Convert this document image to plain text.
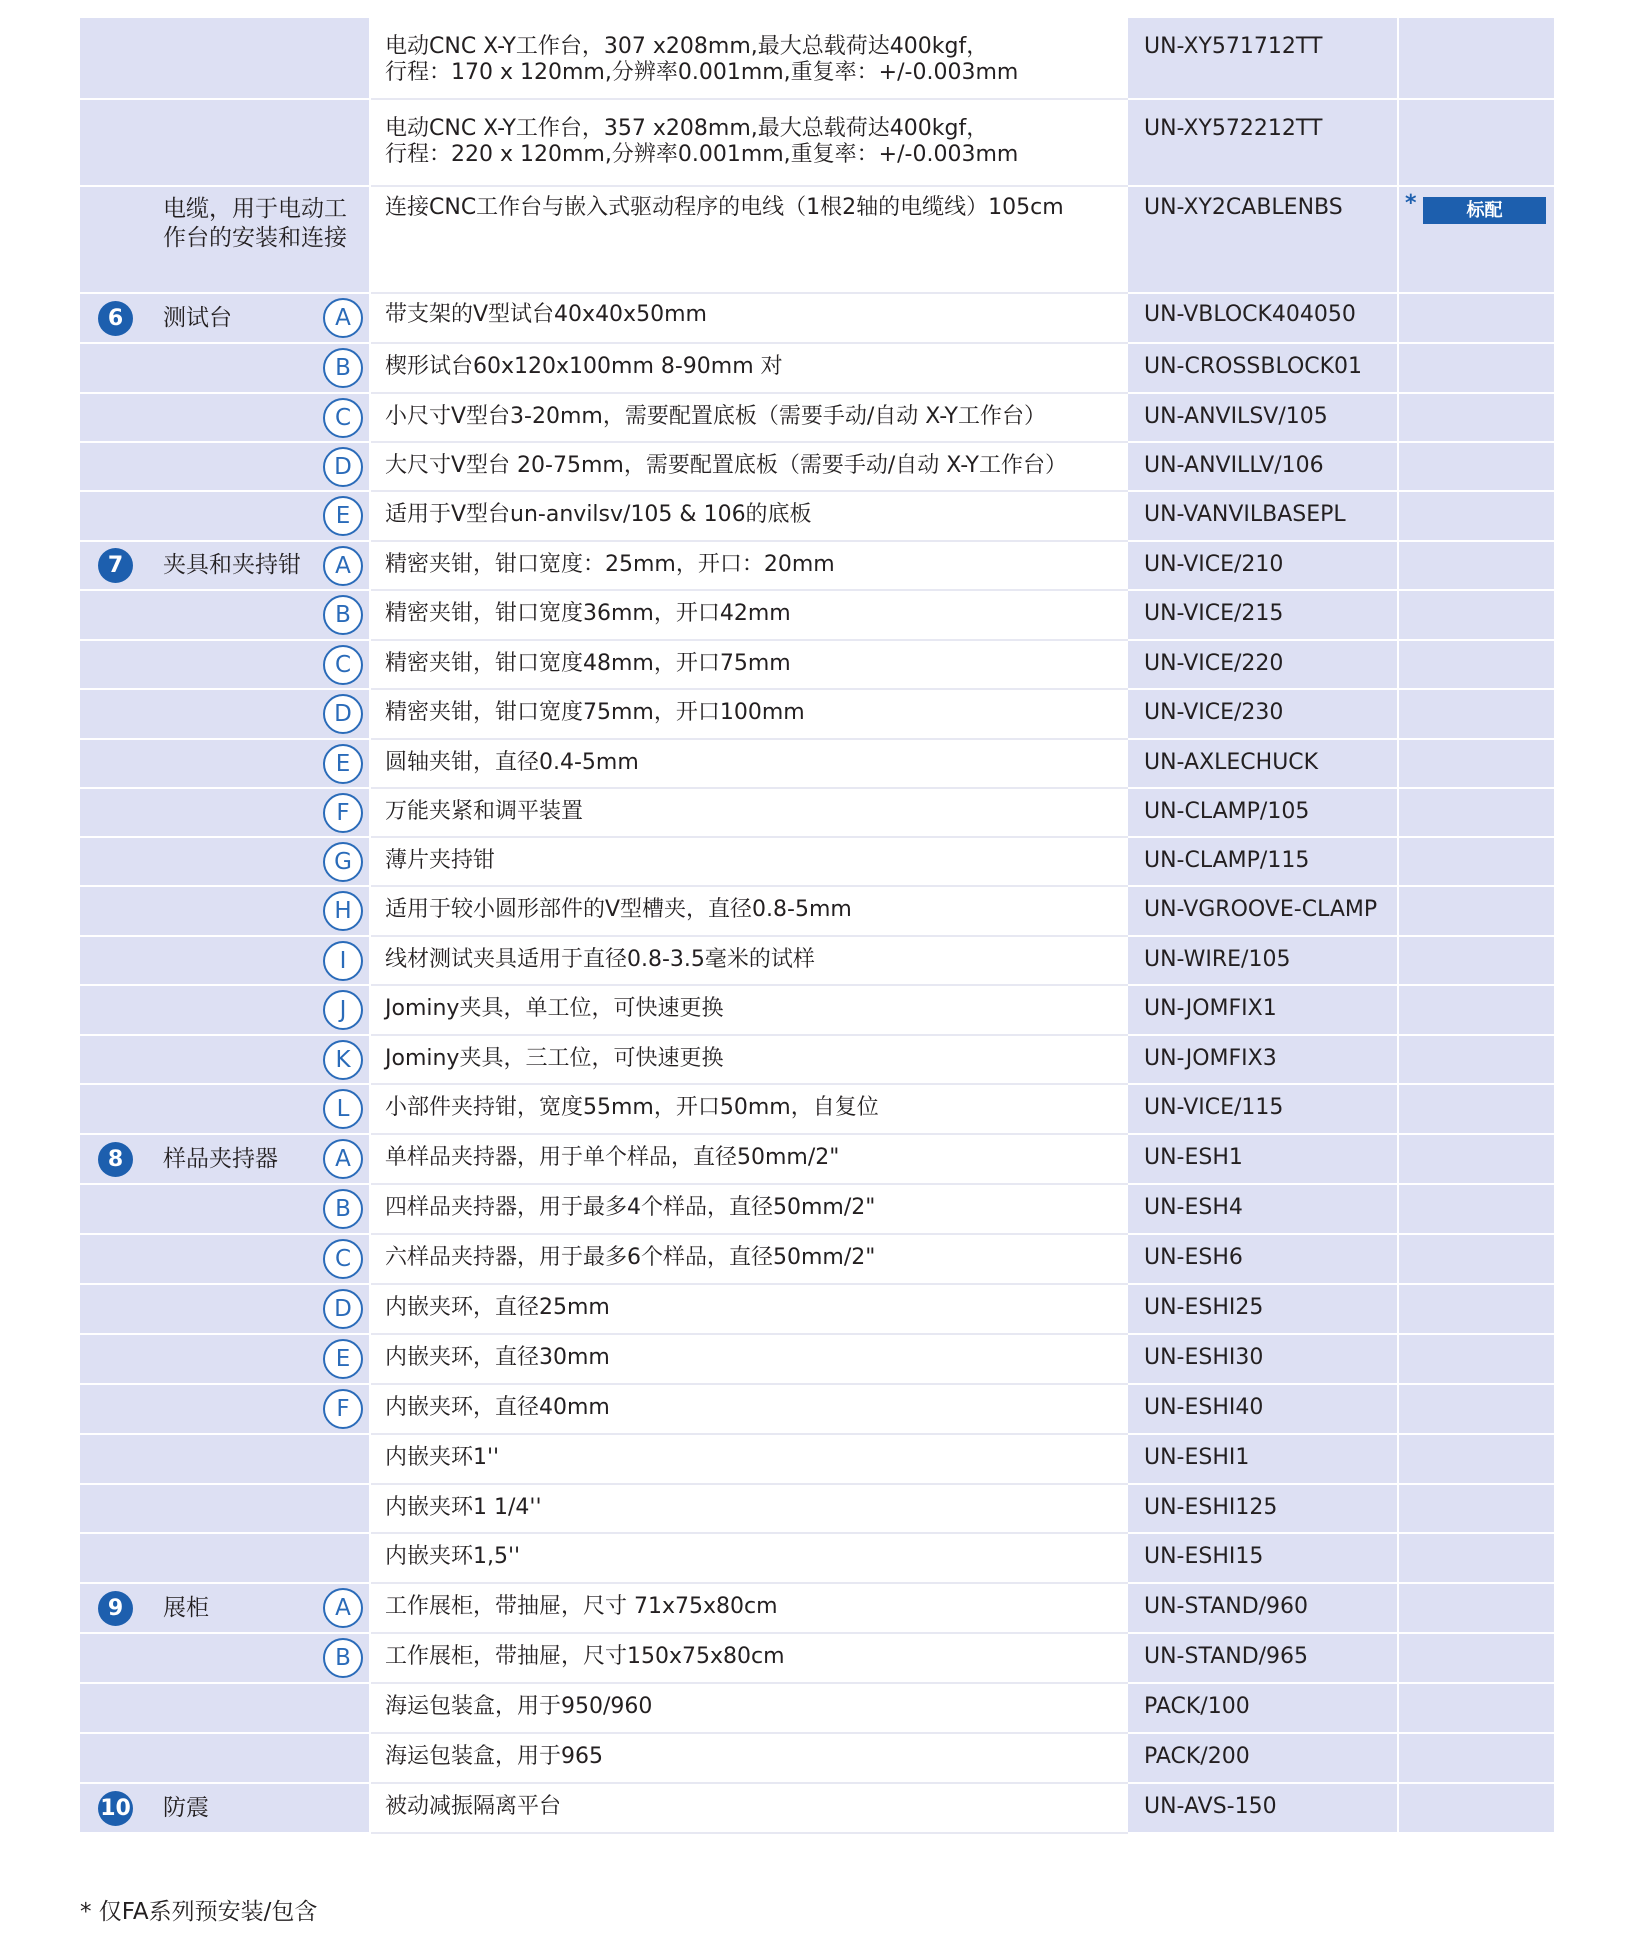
		电动CNC X-Y工作台，307 x208mm,最大总载荷达400kgf，
行程：170 x 120mm,分辨率0.001mm,重复率：+/-0.003mm	UN-XY571712TT	

		电动CNC X-Y工作台，357 x208mm,最大总载荷达400kgf，
行程：220 x 120mm,分辨率0.001mm,重复率：+/-0.003mm	UN-XY572212TT	

	电缆，用于电动工作台的安装和连接	连接CNC工作台与嵌入式驱动程序的电线（1根2轴的电缆线）105cm	UN-XY2CABLENBS	* 标配

6	测试台 A	带支架的V型试台40x40x50mm	UN-VBLOCK404050	

	B	楔形试台60x120x100mm 8-90mm 对	UN-CROSSBLOCK01	

	C	小尺寸V型台3-20mm，需要配置底板（需要手动/自动 X-Y工作台）	UN-ANVILSV/105	

	D	大尺寸V型台 20-75mm，需要配置底板（需要手动/自动 X-Y工作台）	UN-ANVILLV/106	

	E	适用于V型台un-anvilsv/105 & 106的底板	UN-VANVILBASEPL	

7	夹具和夹持钳 A	精密夹钳，钳口宽度：25mm，开口：20mm	UN-VICE/210	

	B	精密夹钳，钳口宽度36mm，开口42mm	UN-VICE/215	

	C	精密夹钳，钳口宽度48mm，开口75mm	UN-VICE/220	

	D	精密夹钳，钳口宽度75mm，开口100mm	UN-VICE/230	

	E	圆轴夹钳，直径0.4-5mm	UN-AXLECHUCK	

	F	万能夹紧和调平装置	UN-CLAMP/105	

	G	薄片夹持钳	UN-CLAMP/115	

	H	适用于较小圆形部件的V型槽夹，直径0.8-5mm	UN-VGROOVE-CLAMP	

	I	线材测试夹具适用于直径0.8-3.5毫米的试样	UN-WIRE/105	

	J	Jominy夹具，单工位，可快速更换	UN-JOMFIX1	

	K	Jominy夹具，三工位，可快速更换	UN-JOMFIX3	

	L	小部件夹持钳，宽度55mm，开口50mm，自复位	UN-VICE/115	

8	样品夹持器 A	单样品夹持器，用于单个样品，直径50mm/2"	UN-ESH1	

	B	四样品夹持器，用于最多4个样品，直径50mm/2"	UN-ESH4	

	C	六样品夹持器，用于最多6个样品，直径50mm/2"	UN-ESH6	

	D	内嵌夹环，直径25mm	UN-ESHI25	

	E	内嵌夹环，直径30mm	UN-ESHI30	

	F	内嵌夹环，直径40mm	UN-ESHI40	

		内嵌夹环1''	UN-ESHI1	

		内嵌夹环1 1/4''	UN-ESHI125	

		内嵌夹环1,5''	UN-ESHI15	

9	展柜 A	工作展柜，带抽屉，尺寸 71x75x80cm	UN-STAND/960	

	B	工作展柜，带抽屉，尺寸150x75x80cm	UN-STAND/965	

		海运包装盒，用于950/960	PACK/100	

		海运包装盒，用于965	PACK/200	

10	防震	被动减振隔离平台	UN-AVS-150	

* 仅FA系列预安装/包含
